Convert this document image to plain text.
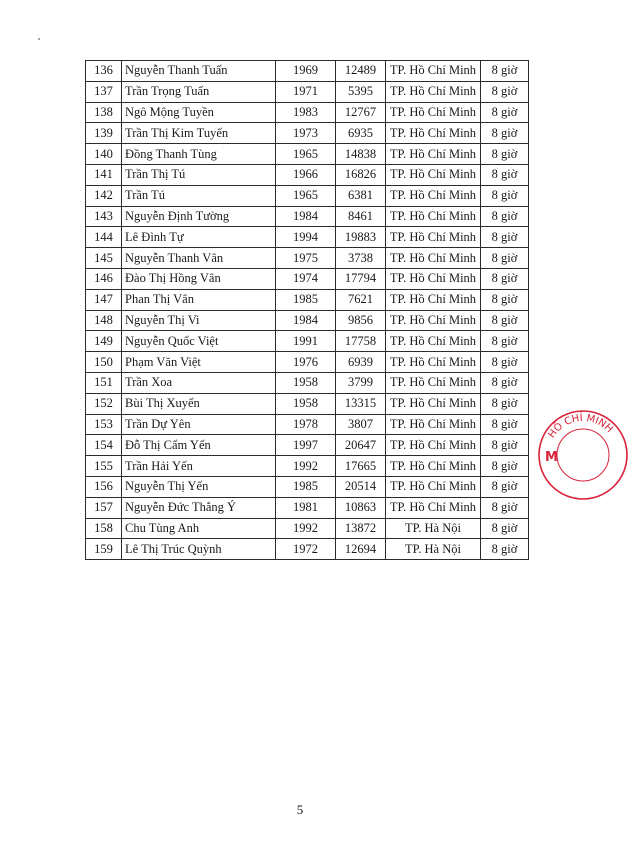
136	Nguyễn Thanh Tuấn	1969	12489	TP. Hồ Chí Minh	8 giờ
137	Trần Trọng Tuấn	1971	5395	TP. Hồ Chí Minh	8 giờ
138	Ngô Mộng Tuyền	1983	12767	TP. Hồ Chí Minh	8 giờ
139	Trần Thị Kim Tuyến	1973	6935	TP. Hồ Chí Minh	8 giờ
140	Đồng Thanh Tùng	1965	14838	TP. Hồ Chí Minh	8 giờ
141	Trần Thị Tú	1966	16826	TP. Hồ Chí Minh	8 giờ
142	Trần Tú	1965	6381	TP. Hồ Chí Minh	8 giờ
143	Nguyễn Định Tường	1984	8461	TP. Hồ Chí Minh	8 giờ
144	Lê Đình Tự	1994	19883	TP. Hồ Chí Minh	8 giờ
145	Nguyễn Thanh Vân	1975	3738	TP. Hồ Chí Minh	8 giờ
146	Đào Thị Hồng Vân	1974	17794	TP. Hồ Chí Minh	8 giờ
147	Phan Thị Vân	1985	7621	TP. Hồ Chí Minh	8 giờ
148	Nguyễn Thị Vi	1984	9856	TP. Hồ Chí Minh	8 giờ
149	Nguyễn Quốc Việt	1991	17758	TP. Hồ Chí Minh	8 giờ
150	Phạm Văn Việt	1976	6939	TP. Hồ Chí Minh	8 giờ
151	Trần Xoa	1958	3799	TP. Hồ Chí Minh	8 giờ
152	Bùi Thị Xuyến	1958	13315	TP. Hồ Chí Minh	8 giờ
153	Trần Dự Yên	1978	3807	TP. Hồ Chí Minh	8 giờ
154	Đỗ Thị Cẩm Yến	1997	20647	TP. Hồ Chí Minh	8 giờ
155	Trần Hải Yến	1992	17665	TP. Hồ Chí Minh	8 giờ
156	Nguyễn Thị Yến	1985	20514	TP. Hồ Chí Minh	8 giờ
157	Nguyễn Đức Thắng Ý	1981	10863	TP. Hồ Chí Minh	8 giờ
158	Chu Tùng Anh	1992	13872	TP. Hà Nội	8 giờ
159	Lê Thị Trúc Quỳnh	1972	12694	TP. Hà Nội	8 giờ
5
HỒ CHÍ MINH
M
